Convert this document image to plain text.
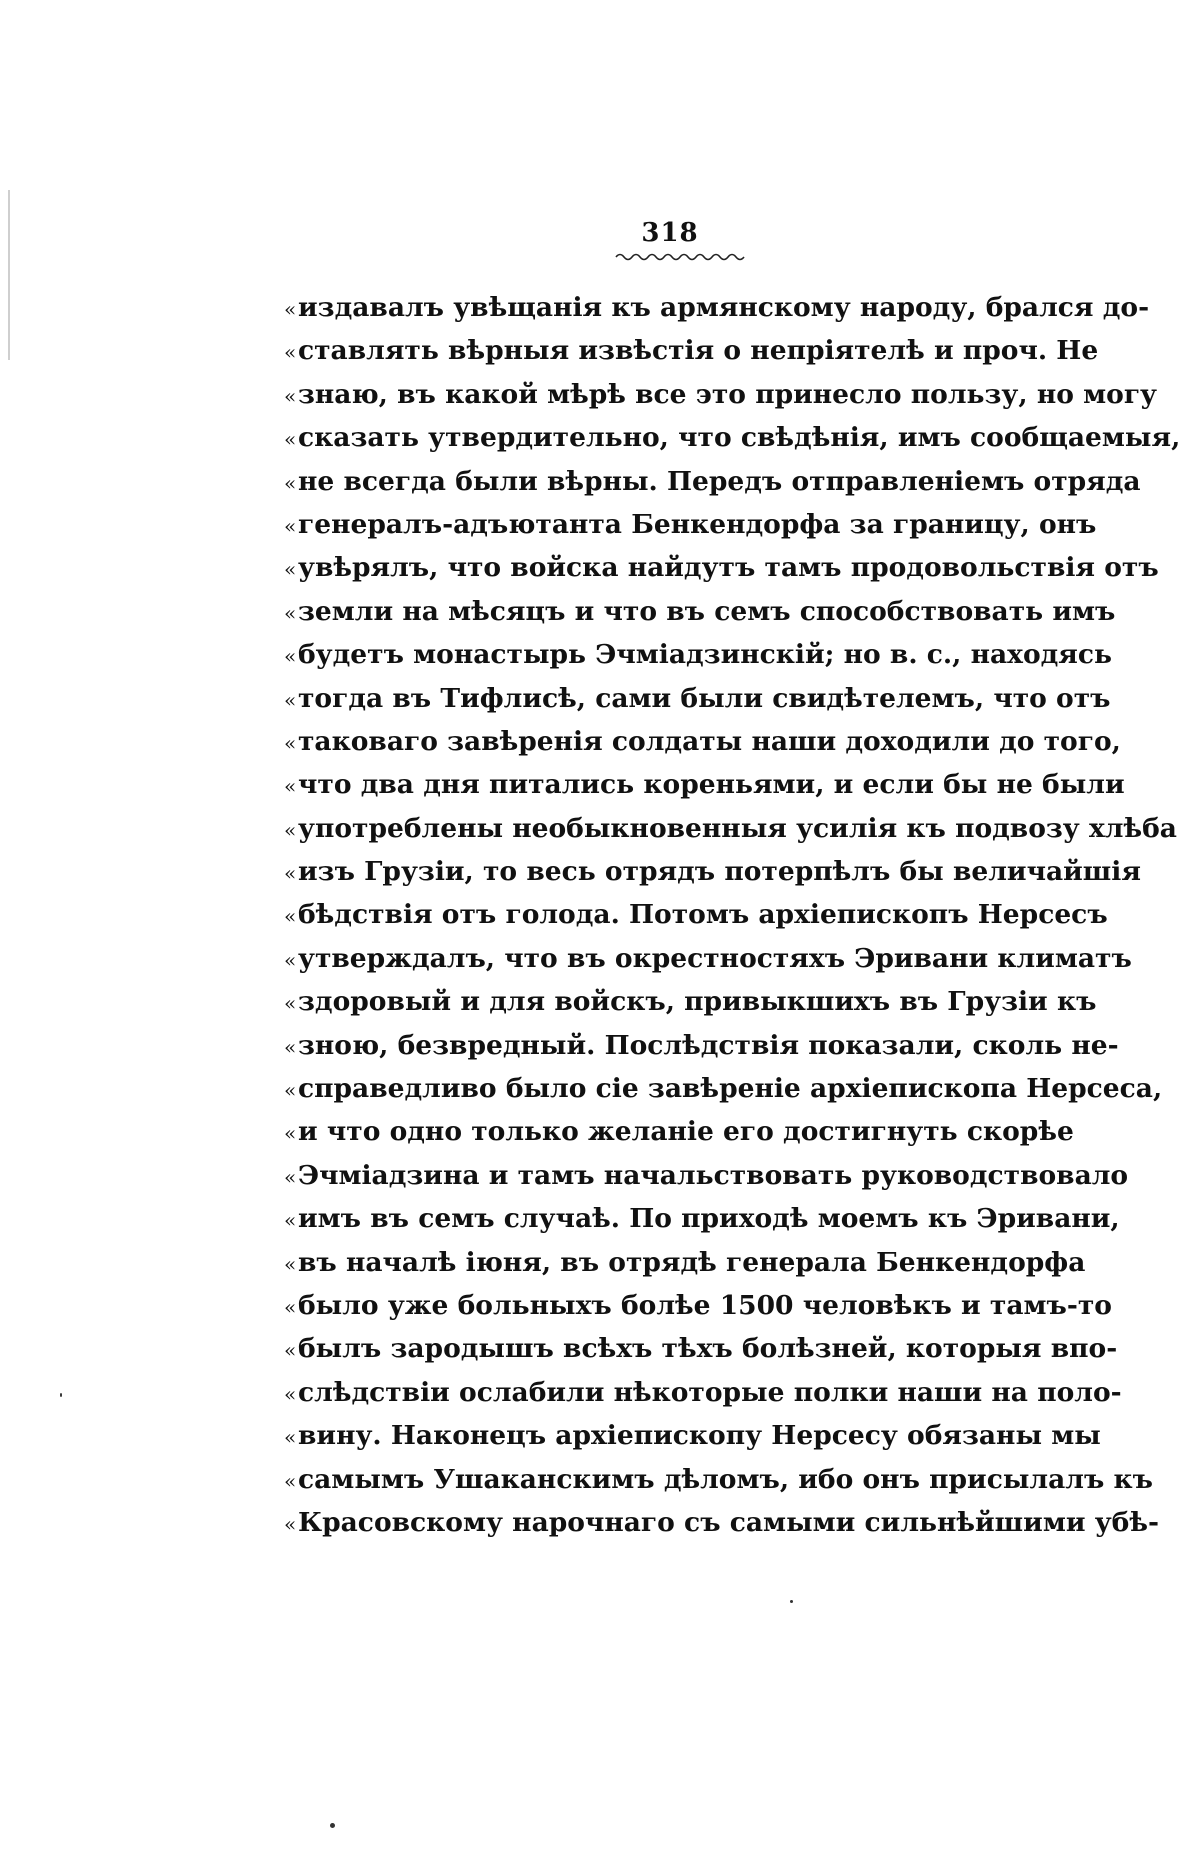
318
«издавалъ увѣщанія къ армянскому народу, брался до-
«ставлять вѣрныя извѣстія о непріятелѣ и проч. Не
«знаю, въ какой мѣрѣ все это принесло пользу, но могу
«сказать утвердительно, что свѣдѣнія, имъ сообщаемыя,
«не всегда были вѣрны. Передъ отправленіемъ отряда
«генералъ-адъютанта Бенкендорфа за границу, онъ
«увѣрялъ, что войска найдутъ тамъ продовольствія отъ
«земли на мѣсяцъ и что въ семъ способствовать имъ
«будетъ монастырь Эчміадзинскій; но в. с., находясь
«тогда въ Тифлисѣ, сами были свидѣтелемъ, что отъ
«таковаго завѣренія солдаты наши доходили до того,
«что два дня питались кореньями, и если бы не были
«употреблены необыкновенныя усилія къ подвозу хлѣба
«изъ Грузіи, то весь отрядъ потерпѣлъ бы величайшія
«бѣдствія отъ голода. Потомъ архіепископъ Нерсесъ
«утверждалъ, что въ окрестностяхъ Эривани климатъ
«здоровый и для войскъ, привыкшихъ въ Грузіи къ
«зною, безвредный. Послѣдствія показали, сколь не-
«справедливо было сіе завѣреніе архіепископа Нерсеса,
«и что одно только желаніе его достигнуть скорѣе
«Эчміадзина и тамъ начальствовать руководствовало
«имъ въ семъ случаѣ. По приходѣ моемъ къ Эривани,
«въ началѣ іюня, въ отрядѣ генерала Бенкендорфа
«было уже больныхъ болѣе 1500 человѣкъ и тамъ-то
«былъ зародышъ всѣхъ тѣхъ болѣзней, которыя впо-
«слѣдствіи ослабили нѣкоторые полки наши на поло-
«вину. Наконецъ архіепископу Нерсесу обязаны мы
«самымъ Ушаканскимъ дѣломъ, ибо онъ присылалъ къ
«Красовскому нарочнаго съ самыми сильнѣйшими убѣ-
